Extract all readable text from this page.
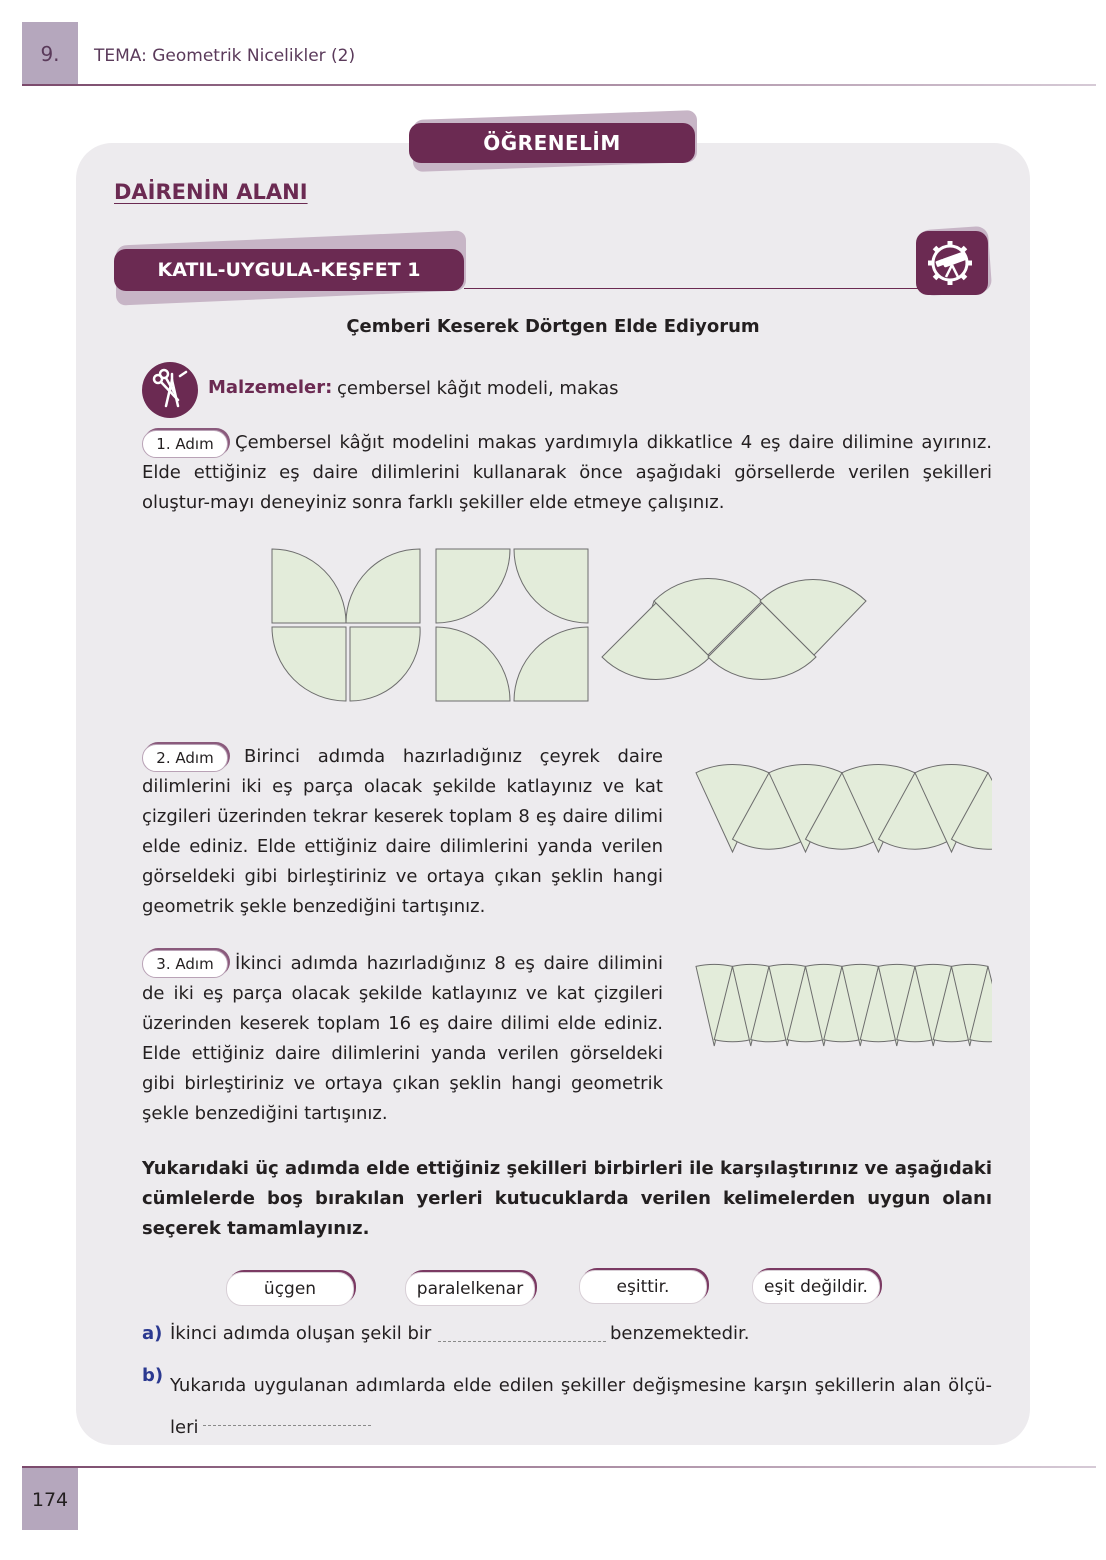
9.	TEMA: Geometrik Nicelikler (2)
ÖĞRENELİM
DAİRENİN ALANI
KATIL-UYGULA-KEŞFET 1
Çemberi Keserek Dörtgen Elde Ediyorum
Malzemeler: çembersel kâğıt modeli, makas
Çembersel kâğıt modelini makas yardımıyla dikkatlice 4 eş daire dilimine ayırınız. Elde ettiğiniz eş daire dilimlerini kullanarak önce aşağıdaki görsellerde verilen şekilleri oluştur-mayı deneyiniz sonra farklı şekiller elde etmeye çalışınız.
1. Adım
Birinci adımda hazırladığınız çeyrek daire dilimlerini iki eş parça olacak şekilde katlayınız ve kat çizgileri üzerinden tekrar keserek toplam 8 eş daire dilimi elde ediniz. Elde ettiğiniz daire dilimlerini yanda verilen görseldeki gibi birleştiriniz ve ortaya çıkan şeklin hangi geometrik şekle benzediğini tartışınız.
2. Adım
İkinci adımda hazırladığınız 8 eş daire dilimini de iki eş parça olacak şekilde katlayınız ve kat çizgileri üzerinden keserek toplam 16 eş daire dilimi elde ediniz. Elde ettiğiniz daire dilimlerini yanda verilen görseldeki gibi birleştiriniz ve ortaya çıkan şeklin hangi geometrik şekle benzediğini tartışınız.
3. Adım
Yukarıdaki üç adımda elde ettiğiniz şekilleri birbirleri ile karşılaştırınız ve aşağıdaki cümlelerde boş bırakılan yerleri kutucuklarda verilen kelimelerden uygun olanı seçerek tamamlayınız.
üçgen	paralelkenar	eşittir.	eşit değildir.
a) İkinci adımda oluşan şekil bir	benzemektedir.
b) Yukarıda uygulanan adımlarda elde edilen şekiller değişmesine karşın şekillerin alan ölçü-leri
174
